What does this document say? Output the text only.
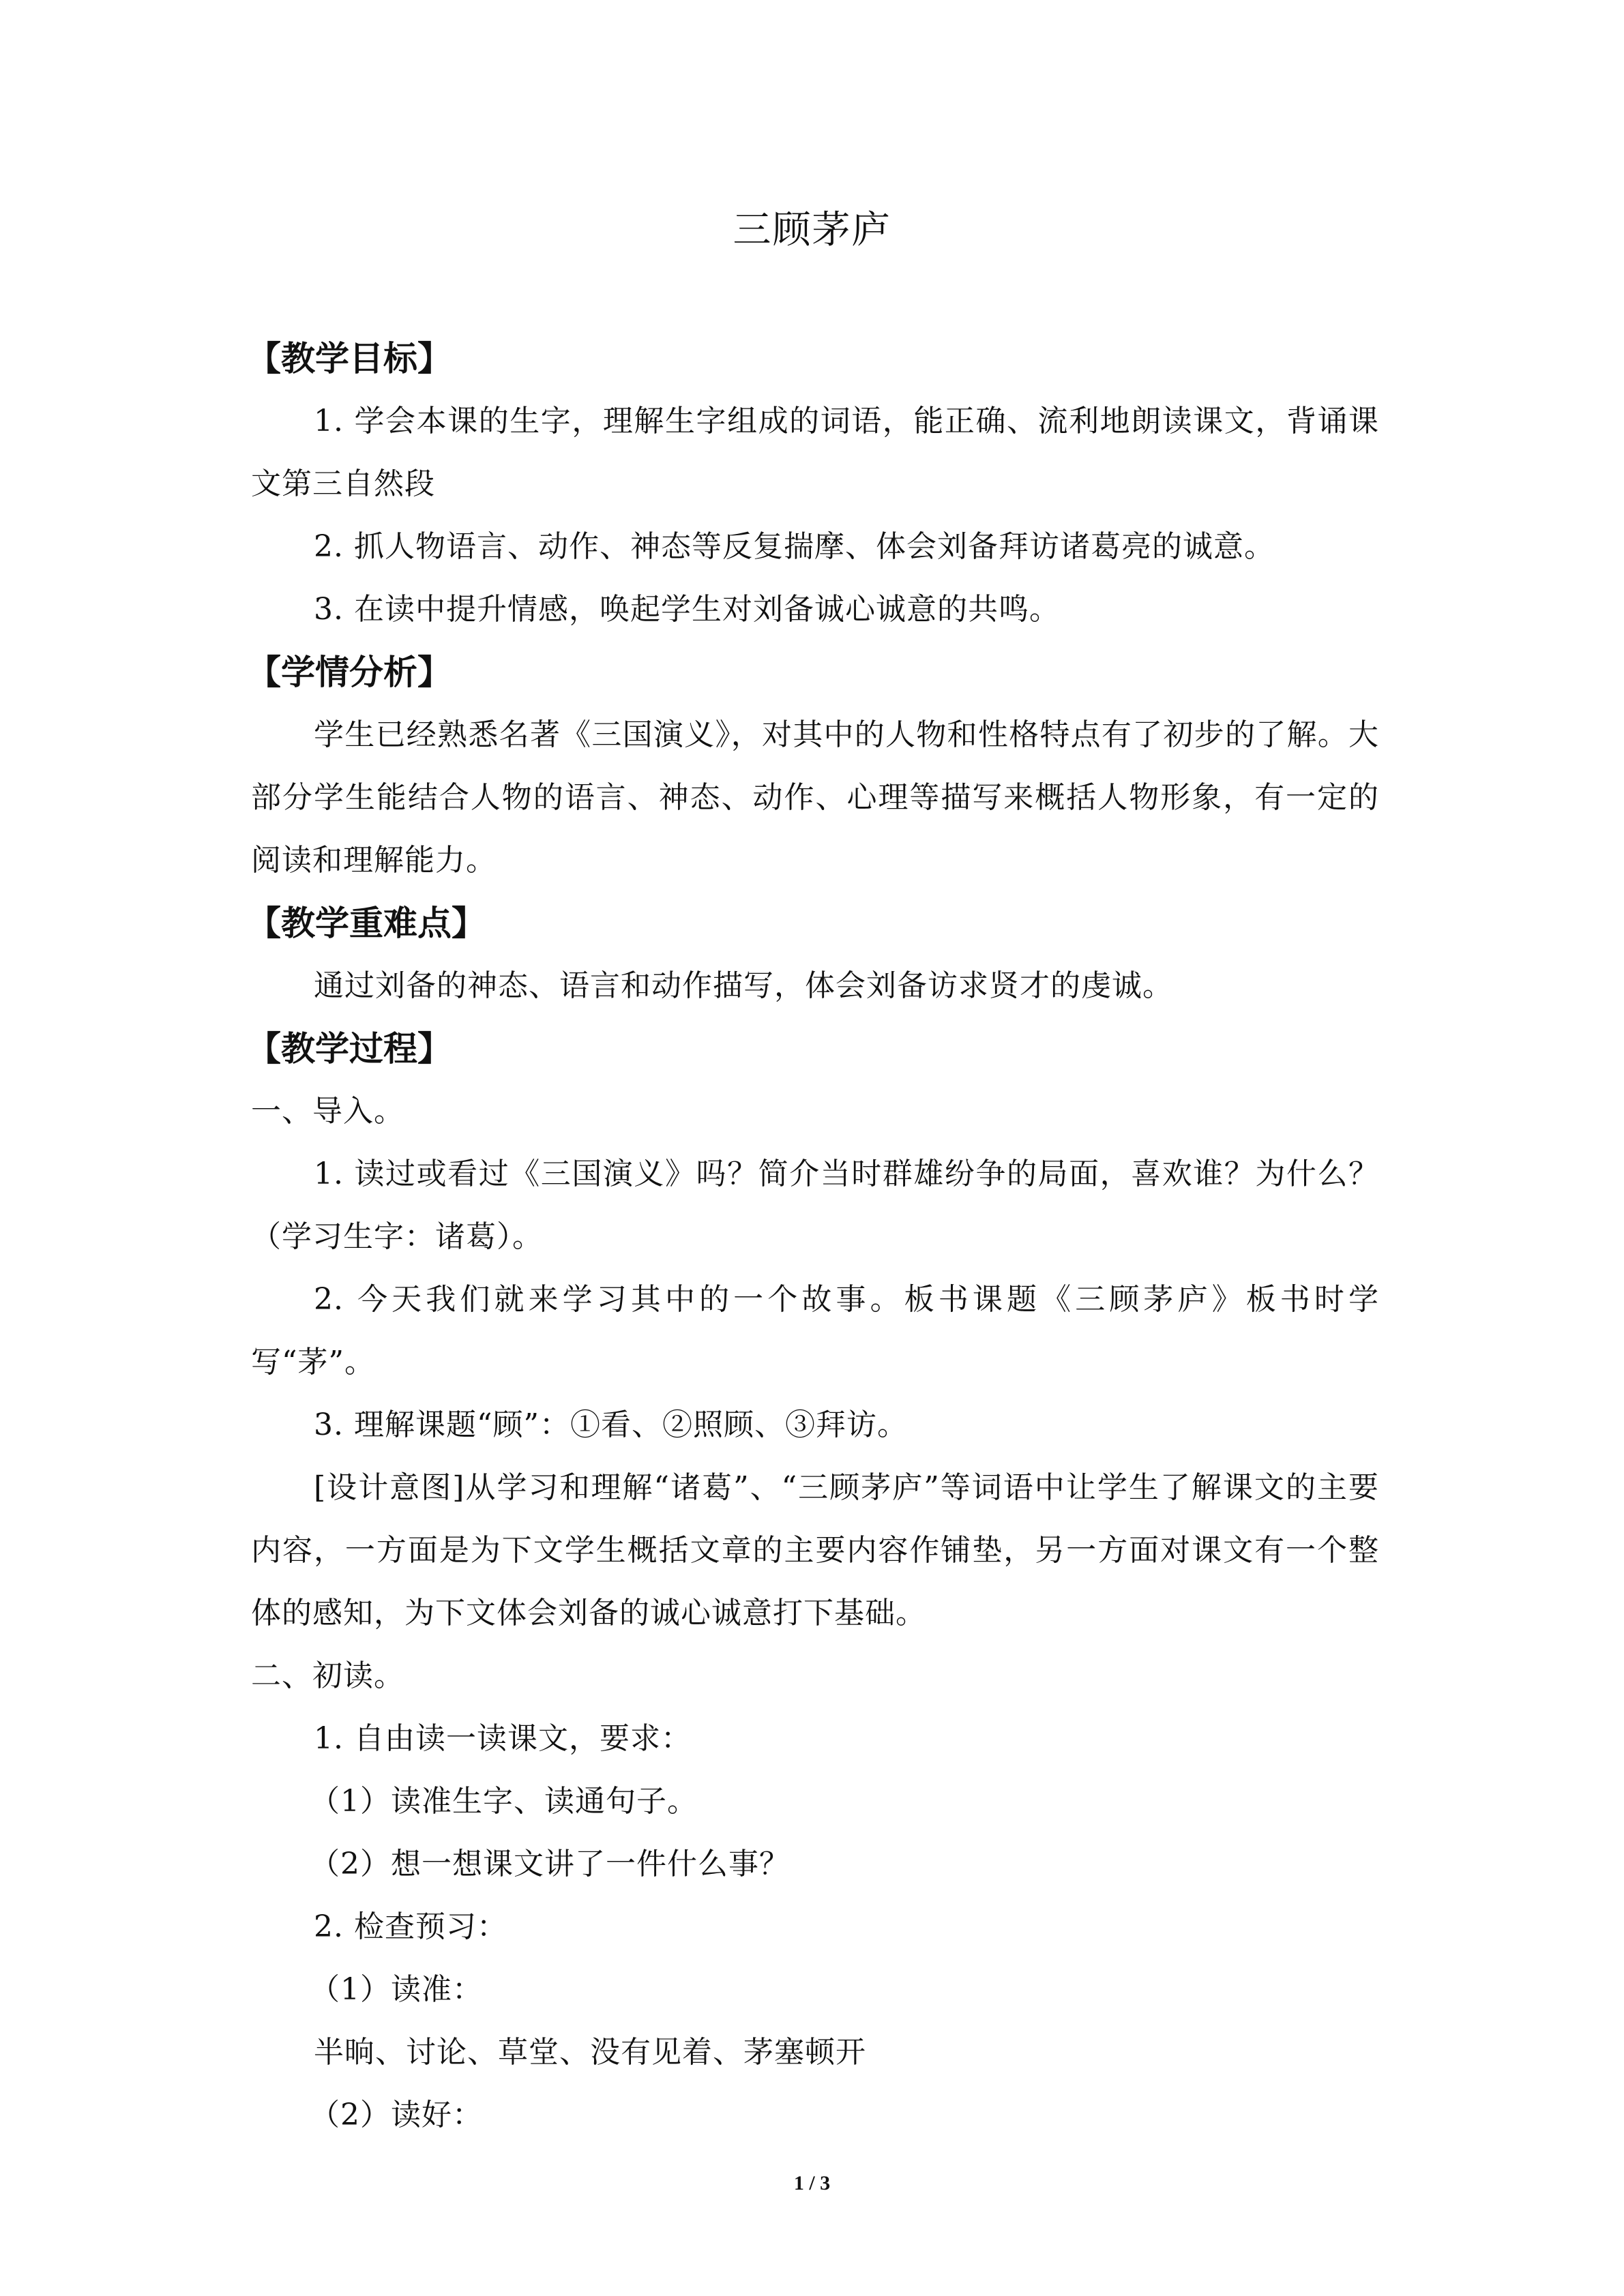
三顾茅庐
【教学目标】
1. 学会本课的生字，理解生字组成的词语，能正确、流利地朗读课文，背诵课文第三自然段
2. 抓人物语言、动作、神态等反复揣摩、体会刘备拜访诸葛亮的诚意。
3. 在读中提升情感，唤起学生对刘备诚心诚意的共鸣。
【学情分析】
学生已经熟悉名著《三国演义》，对其中的人物和性格特点有了初步的了解。大部分学生能结合人物的语言、神态、动作、心理等描写来概括人物形象，有一定的阅读和理解能力。
【教学重难点】
通过刘备的神态、语言和动作描写，体会刘备访求贤才的虔诚。
【教学过程】
一、导入。
1. 读过或看过《三国演义》吗？简介当时群雄纷争的局面，喜欢谁？为什么？（学习生字：诸葛）。
2. 今天我们就来学习其中的一个故事。板书课题《三顾茅庐》板书时学写“茅”。
3. 理解课题“顾”：①看、②照顾、③拜访。
[设计意图]从学习和理解“诸葛”、“三顾茅庐”等词语中让学生了解课文的主要内容，一方面是为下文学生概括文章的主要内容作铺垫，另一方面对课文有一个整体的感知，为下文体会刘备的诚心诚意打下基础。
二、初读。
1. 自由读一读课文，要求：
（1）读准生字、读通句子。
（2）想一想课文讲了一件什么事？
2. 检查预习：
（1）读准：
半晌、讨论、草堂、没有见着、茅塞顿开
（2）读好：
1 / 3
